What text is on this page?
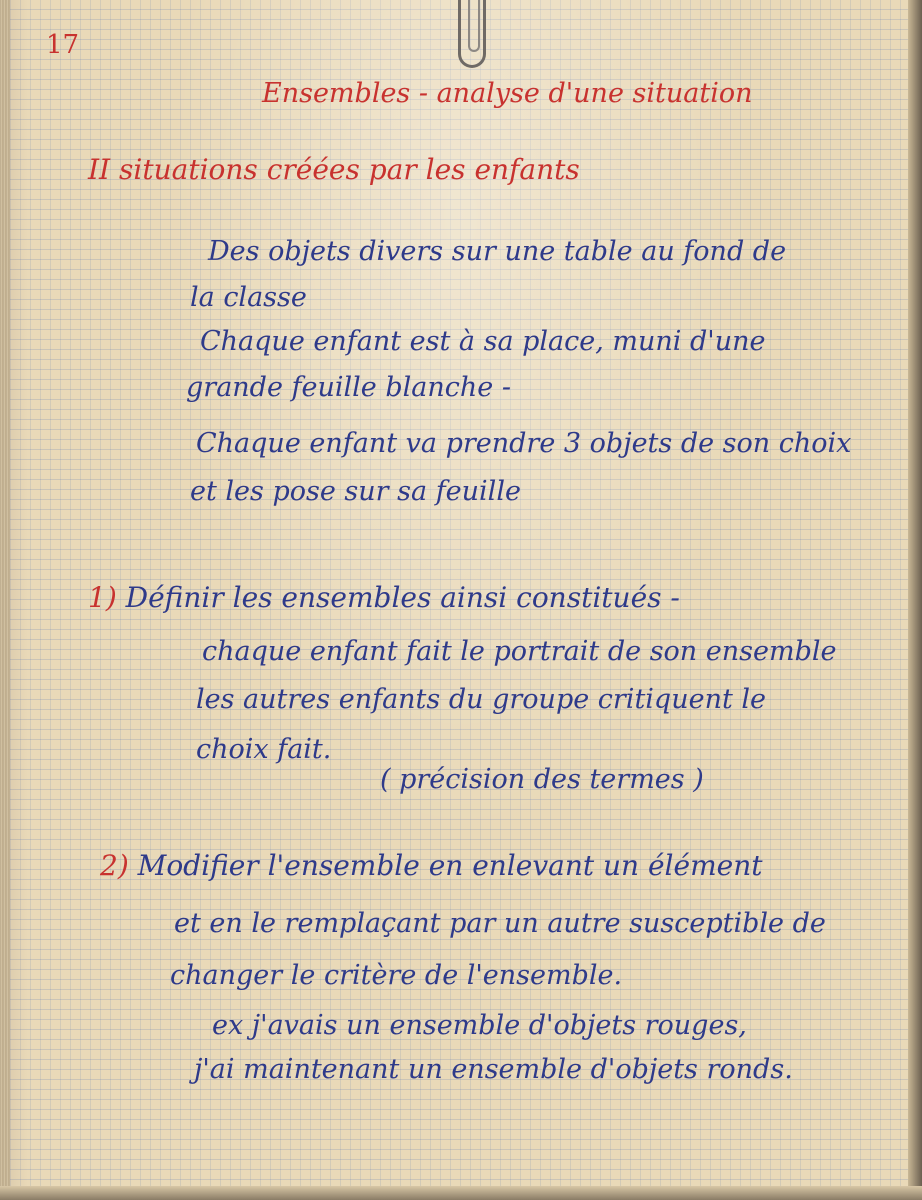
17

Ensembles - analyse d'une situation

II situations créées par les enfants

Des objets divers sur une table au fond de

la classe

Chaque enfant est à sa place, muni d'une

grande feuille blanche -

Chaque enfant va prendre 3 objets de son choix

et les pose sur sa feuille

1) Définir les ensembles ainsi constitués -

chaque enfant fait le portrait de son ensemble

les autres enfants du groupe critiquent le

choix fait.

( précision des termes )

2) Modifier l'ensemble en enlevant un élément

et en le remplaçant par un autre susceptible de

changer le critère de l'ensemble.

ex j'avais un ensemble d'objets rouges,

j'ai maintenant un ensemble d'objets ronds.
